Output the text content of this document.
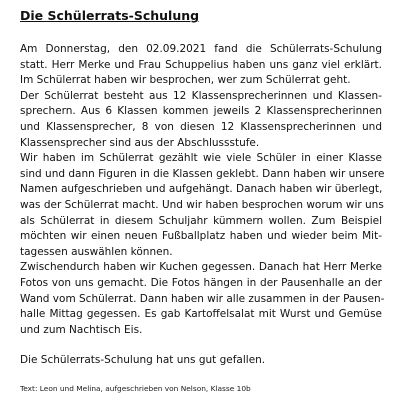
Die Schülerrats-Schulung
Am Donnerstag, den 02.09.2021 fand die Schülerrats-Schulung
statt. Herr Merke und Frau Schuppelius haben uns ganz viel erklärt.
Im Schülerrat haben wir besprochen, wer zum Schülerrat geht.
Der Schülerrat besteht aus 12 Klassensprecherinnen und Klassen-
sprechern. Aus 6 Klassen kommen jeweils 2 Klassensprecherinnen
und Klassensprecher, 8 von diesen 12 Klassensprecherinnen und
Klassensprecher sind aus der Abschlussstufe.
Wir haben im Schülerrat gezählt wie viele Schüler in einer Klasse
sind und dann Figuren in die Klassen geklebt. Dann haben wir unsere
Namen aufgeschrieben und aufgehängt. Danach haben wir überlegt,
was der Schülerrat macht. Und wir haben besprochen worum wir uns
als Schülerrat in diesem Schuljahr kümmern wollen. Zum Beispiel
möchten wir einen neuen Fußballplatz haben und wieder beim Mit-
tagessen auswählen können.
Zwischendurch haben wir Kuchen gegessen. Danach hat Herr Merke
Fotos von uns gemacht. Die Fotos hängen in der Pausenhalle an der
Wand vom Schülerrat. Dann haben wir alle zusammen in der Pausen-
halle Mittag gegessen. Es gab Kartoffelsalat mit Wurst und Gemüse
und zum Nachtisch Eis.
Die Schülerrats-Schulung hat uns gut gefallen.
Text: Leon und Melina, aufgeschrieben von Nelson, Klasse 10b
